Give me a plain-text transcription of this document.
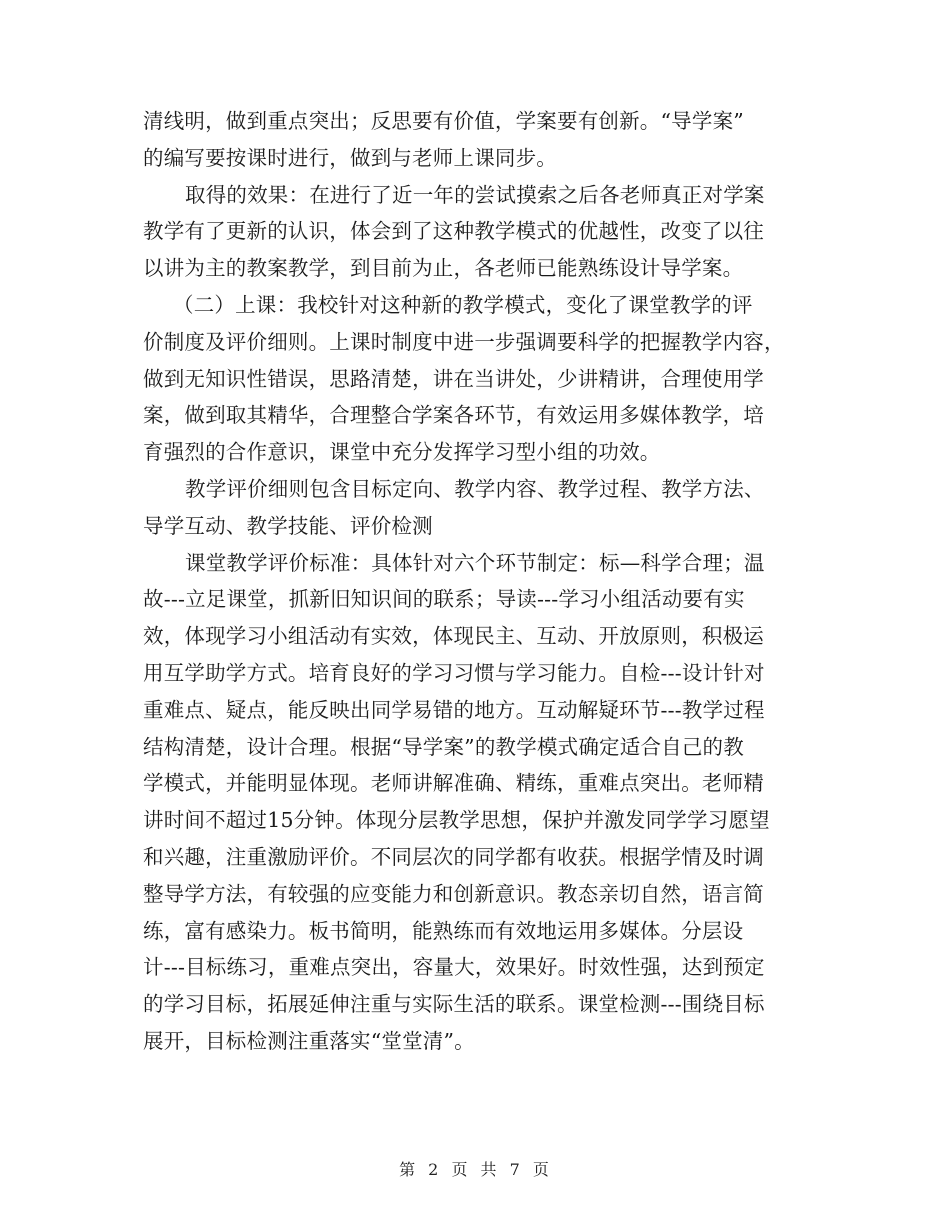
清线明，做到重点突出；反思要有价值，学案要有创新。“导学案”
的编写要按课时进行，做到与老师上课同步。
取得的效果：在进行了近一年的尝试摸索之后各老师真正对学案
教学有了更新的认识，体会到了这种教学模式的优越性，改变了以往
以讲为主的教案教学，到目前为止，各老师已能熟练设计导学案。
（二）上课：我校针对这种新的教学模式，变化了课堂教学的评
价制度及评价细则。上课时制度中进一步强调要科学的把握教学内容，
做到无知识性错误，思路清楚，讲在当讲处，少讲精讲，合理使用学
案，做到取其精华，合理整合学案各环节，有效运用多媒体教学，培
育强烈的合作意识，课堂中充分发挥学习型小组的功效。
教学评价细则包含目标定向、教学内容、教学过程、教学方法、
导学互动、教学技能、评价检测
课堂教学评价标准：具体针对六个环节制定：标—科学合理；温
故---立足课堂，抓新旧知识间的联系；导读---学习小组活动要有实
效，体现学习小组活动有实效，体现民主、互动、开放原则，积极运
用互学助学方式。培育良好的学习习惯与学习能力。自检---设计针对
重难点、疑点，能反映出同学易错的地方。互动解疑环节---教学过程
结构清楚，设计合理。根据“导学案”的教学模式确定适合自己的教
学模式，并能明显体现。老师讲解准确、精练，重难点突出。老师精
讲时间不超过15分钟。体现分层教学思想，保护并激发同学学习愿望
和兴趣，注重激励评价。不同层次的同学都有收获。根据学情及时调
整导学方法，有较强的应变能力和创新意识。教态亲切自然，语言简
练，富有感染力。板书简明，能熟练而有效地运用多媒体。分层设
计---目标练习，重难点突出，容量大，效果好。时效性强，达到预定
的学习目标，拓展延伸注重与实际生活的联系。课堂检测---围绕目标
展开，目标检测注重落实“堂堂清”。
第 2 页 共 7 页
